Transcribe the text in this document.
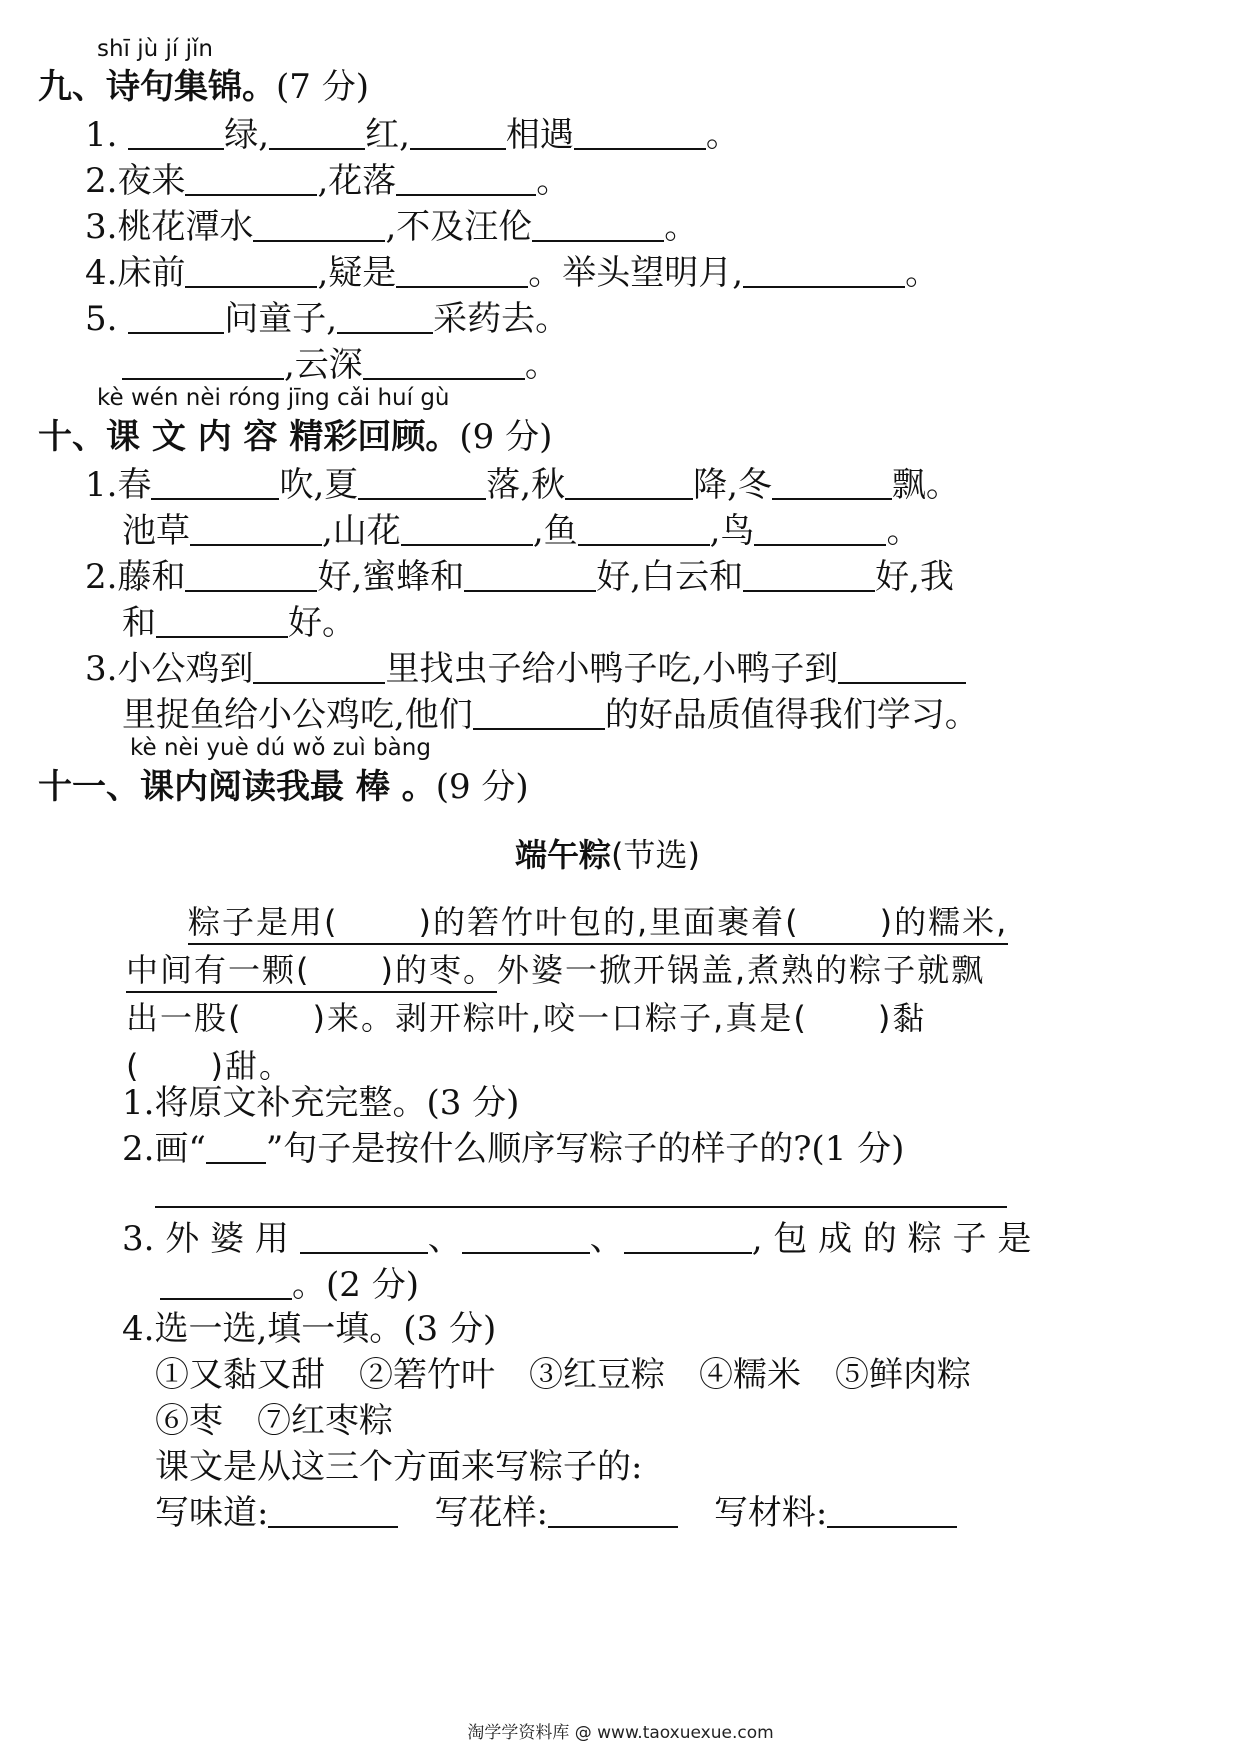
shī jù jí jǐn
九、诗句集锦。(7 分)
1.	绿,	红,	相遇	。
2.夜来	,花落	。
3.桃花潭水	,不及汪伦	。
4.床前	,疑是	。举头望明月,	。
5.	问童子,	采药去。
,云深	。
kè wén nèi róng jīng cǎi huí gù
十、课 文 内 容 精彩回顾。(9 分)
1.春	吹,夏	落,秋	降,冬	飘。
池草	,山花	,鱼	,鸟	。
2.藤和	好,蜜蜂和	好,白云和	好,我
和	好。
3.小公鸡到	里找虫子给小鸭子吃,小鸭子到
里捉鱼给小公鸡吃,他们	的好品质值得我们学习。
kè nèi yuè dú wǒ zuì bàng
十一、课内阅读我最 棒 。(9 分)
端午粽(节选)
粽子是用(	)的箬竹叶包的,里面裹着(	)的糯米,
中间有一颗( )的枣。外婆一掀开锅盖,煮熟的粽子就飘
出一股( )来。剥开粽叶,咬一口粽子,真是( )黏
( )甜。
1.将原文补充完整。(3 分)
2.画“ ”句子是按什么顺序写粽子的样子的?(1 分)
3. 外 婆 用	、	、	, 包 成 的 粽 子 是
。(2 分)
4.选一选,填一填。(3 分)
①又黏又甜 ②箬竹叶 ③红豆粽 ④糯米 ⑤鲜肉粽
⑥枣 ⑦红枣粽
课文是从这三个方面来写粽子的:
写味道:	写花样:	写材料:
淘学学资料库 @ www.taoxuexue.com
